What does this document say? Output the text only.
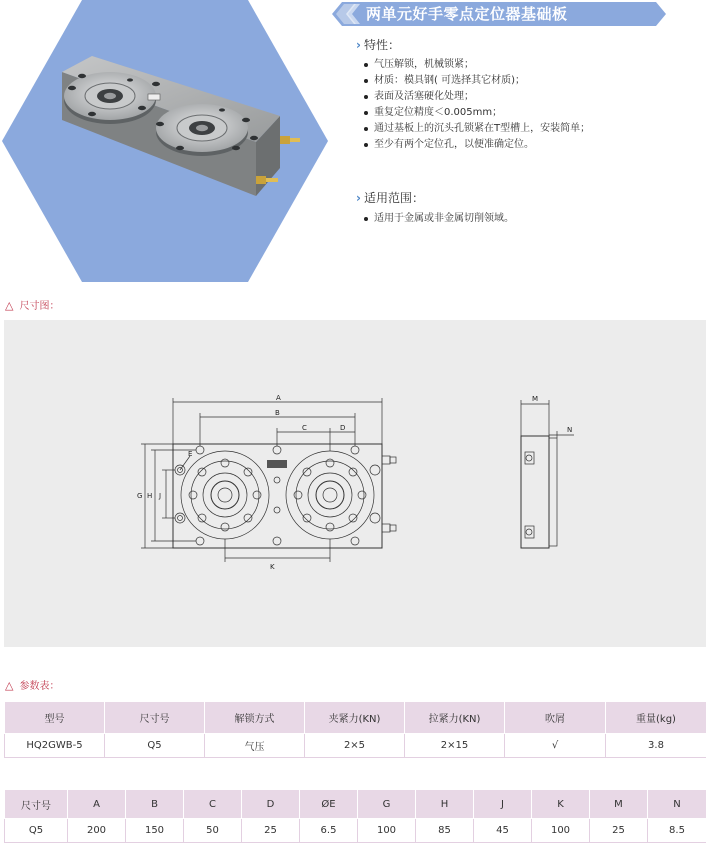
两单元好手零点定位器基础板
› 特性：
气压解锁，机械锁紧；
材质：模具钢( 可选择其它材质)；
表面及活塞硬化处理；
重复定位精度＜0.005mm；
通过基板上的沉头孔锁紧在T型槽上，安装简单；
至少有两个定位孔，以便准确定位。
› 适用范围：
适用于金属或非金属切削领域。
△ 尺寸图：
A
B
C	D
E
G H J
K
M
N
△ 参数表：
型号	尺寸号	解锁方式	夹紧力(KN)	拉紧力(KN)	吹屑	重量(kg)
HQ2GWB-5	Q5	气压	2×5	2×15	√	3.8
尺寸号	A	B	C	D	ØE	G	H	J	K	M	N
Q5	200	150	50	25	6.5	100	85	45	100	25	8.5
